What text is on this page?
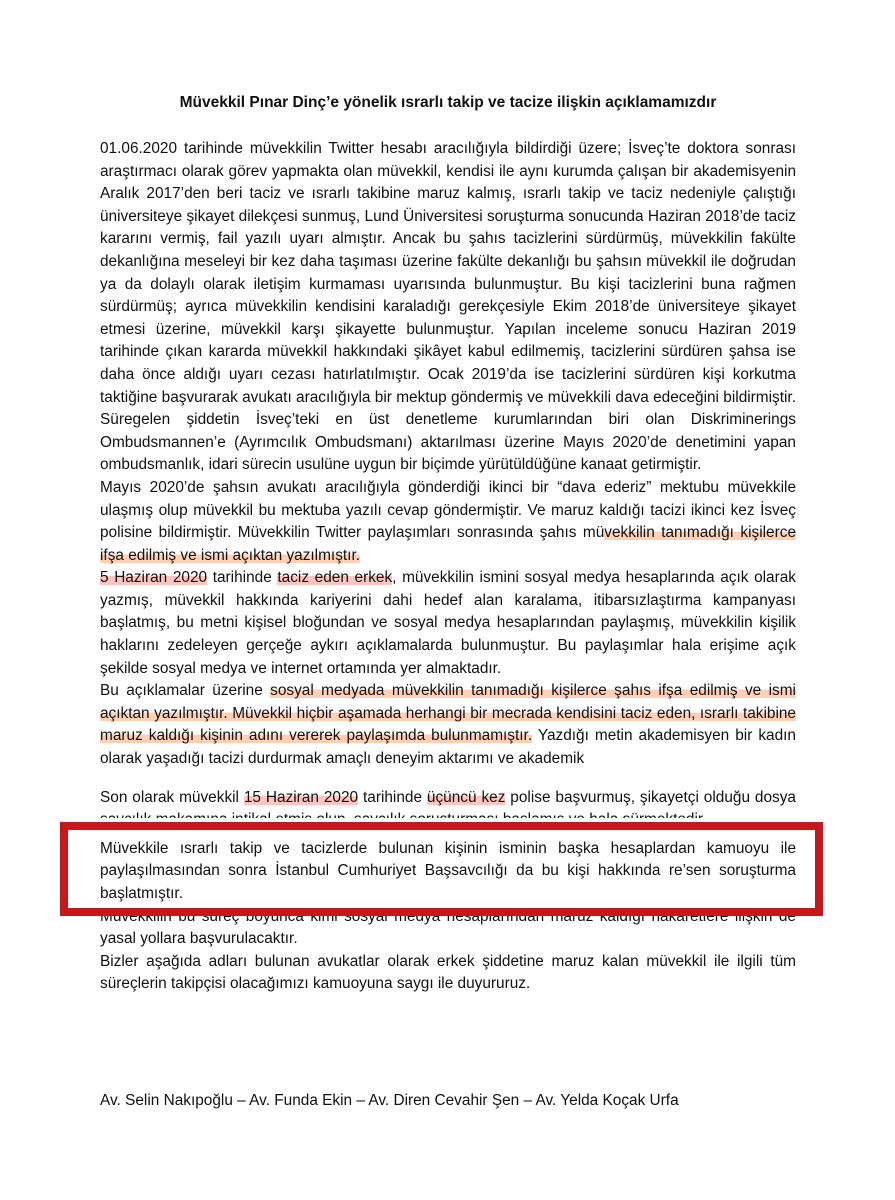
Müvekkil Pınar Dinç’e yönelik ısrarlı takip ve tacize ilişkin açıklamamızdır

01.06.2020 tarihinde müvekkilin Twitter hesabı aracılığıyla bildirdiği üzere; İsveç’te doktora sonrası araştırmacı olarak görev yapmakta olan müvekkil, kendisi ile aynı kurumda çalışan bir akademisyenin Aralık 2017’den beri taciz ve ısrarlı takibine maruz kalmış, ısrarlı takip ve taciz nedeniyle çalıştığı üniversiteye şikayet dilekçesi sunmuş, Lund Üniversitesi soruşturma sonucunda Haziran 2018’de taciz kararını vermiş, fail yazılı uyarı almıştır. Ancak bu şahıs tacizlerini sürdürmüş, müvekkilin fakülte dekanlığına meseleyi bir kez daha taşıması üzerine fakülte dekanlığı bu şahsın müvekkil ile doğrudan ya da dolaylı olarak iletişim kurmaması uyarısında bulunmuştur. Bu kişi tacizlerini buna rağmen sürdürmüş; ayrıca müvekkilin kendisini karaladığı gerekçesiyle Ekim 2018’de üniversiteye şikayet etmesi üzerine, müvekkil karşı şikayette bulunmuştur. Yapılan inceleme sonucu Haziran 2019 tarihinde çıkan kararda müvekkil hakkındaki şikâyet kabul edilmemiş, tacizlerini sürdüren şahsa ise daha önce aldığı uyarı cezası hatırlatılmıştır. Ocak 2019’da ise tacizlerini sürdüren kişi korkutma taktiğine başvurarak avukatı aracılığıyla bir mektup göndermiş ve müvekkili dava edeceğini bildirmiştir. Süregelen şiddetin İsveç’teki en üst denetleme kurumlarından biri olan Diskriminerings Ombudsmannen’e (Ayrımcılık Ombudsmanı) aktarılması üzerine Mayıs 2020’de denetimini yapan ombudsmanlık, idari sürecin usulüne uygun bir biçimde yürütüldüğüne kanaat getirmiştir.

Mayıs 2020’de şahsın avukatı aracılığıyla gönderdiği ikinci bir “dava ederiz” mektubu müvekkile ulaşmış olup müvekkil bu mektuba yazılı cevap göndermiştir. Ve maruz kaldığı tacizi ikinci kez İsveç polisine bildirmiştir. Müvekkilin Twitter paylaşımları sonrasında şahıs müvekkilin tanımadığı kişilerce ifşa edilmiş ve ismi açıktan yazılmıştır.

5 Haziran 2020 tarihinde taciz eden erkek, müvekkilin ismini sosyal medya hesaplarında açık olarak yazmış, müvekkil hakkında kariyerini dahi hedef alan karalama, itibarsızlaştırma kampanyası başlatmış, bu metni kişisel bloğundan ve sosyal medya hesaplarından paylaşmış, müvekkilin kişilik haklarını zedeleyen gerçeğe aykırı açıklamalarda bulunmuştur. Bu paylaşımlar hala erişime açık şekilde sosyal medya ve internet ortamında yer almaktadır.

Bu açıklamalar üzerine sosyal medyada müvekkilin tanımadığı kişilerce şahıs ifşa edilmiş ve ismi açıktan yazılmıştır. Müvekkil hiçbir aşamada herhangi bir mecrada kendisini taciz eden, ısrarlı takibine maruz kaldığı kişinin adını vererek paylaşımda bulunmamıştır. Yazdığı metin akademisyen bir kadın olarak yaşadığı tacizi durdurmak amaçlı deneyim aktarımı ve akademik

Son olarak müvekkil 15 Haziran 2020 tarihinde üçüncü kez polise başvurmuş, şikayetçi olduğu dosya

Müvekkile ısrarlı takip ve tacizlerde bulunan kişinin isminin başka hesaplardan kamuoyu ile paylaşılmasından sonra İstanbul Cumhuriyet Başsavcılığı da bu kişi hakkında re’sen soruşturma başlatmıştır.

Müvekkilin bu süreç boyunca kimi sosyal medya hesaplarından maruz kaldığı hakaretlere ilişkin de yasal yollara başvurulacaktır.

Bizler aşağıda adları bulunan avukatlar olarak erkek şiddetine maruz kalan müvekkil ile ilgili tüm süreçlerin takipçisi olacağımızı kamuoyuna saygı ile duyururuz.

Av. Selin Nakıpoğlu – Av. Funda Ekin – Av. Diren Cevahir Şen – Av. Yelda Koçak Urfa
